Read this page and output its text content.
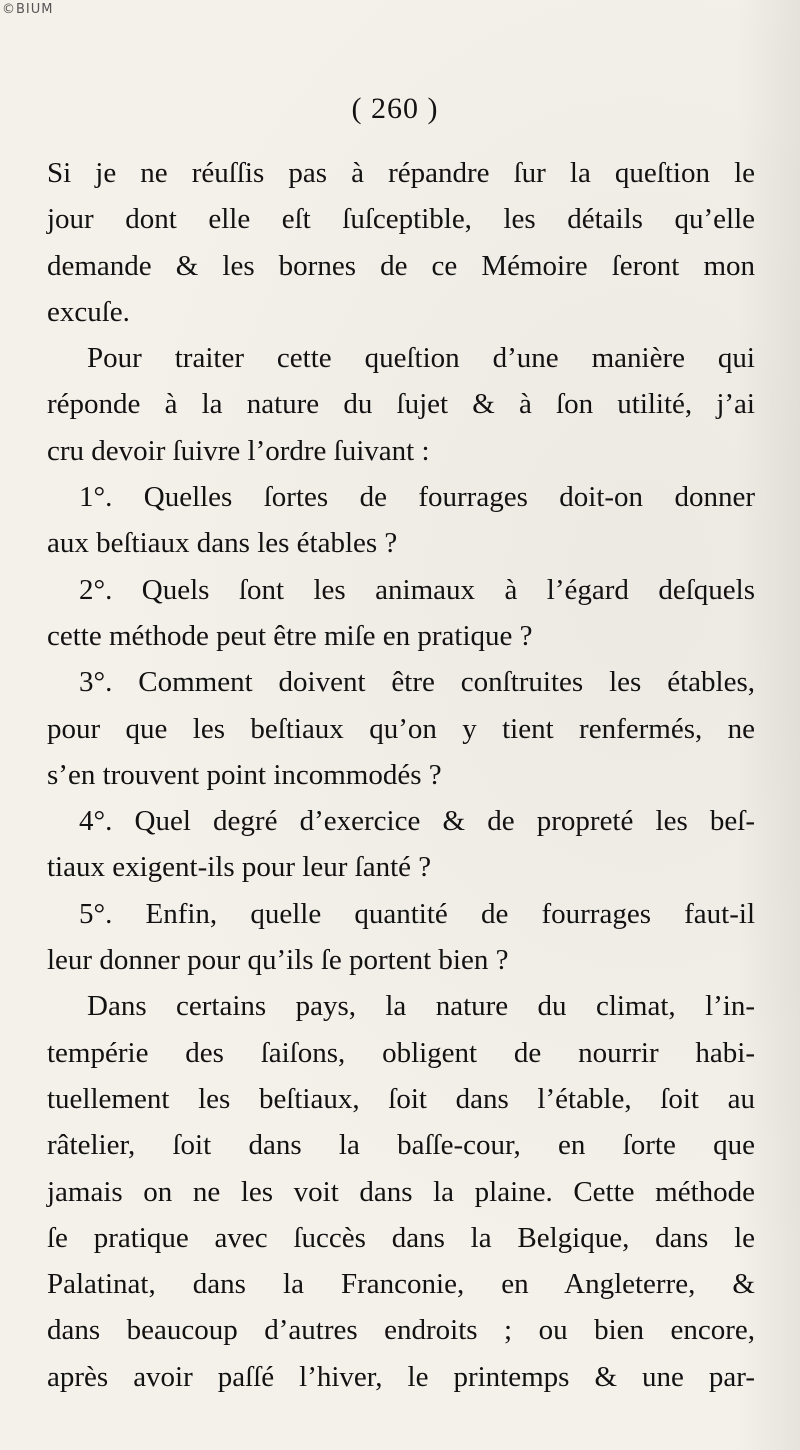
©BIUM
( 260 )
Si je ne réuſſis pas à répandre ſur la queſtion le
jour dont elle eſt ſuſceptible, les détails qu’elle
demande & les bornes de ce Mémoire ſeront mon
excuſe.
Pour traiter cette queſtion d’une manière qui
réponde à la nature du ſujet & à ſon utilité, j’ai
cru devoir ſuivre l’ordre ſuivant :
1°. Quelles ſortes de fourrages doit-on donner
aux beſtiaux dans les étables ?
2°. Quels ſont les animaux à l’égard deſquels
cette méthode peut être miſe en pratique ?
3°. Comment doivent être conſtruites les étables,
pour que les beſtiaux qu’on y tient renfermés, ne
s’en trouvent point incommodés ?
4°. Quel degré d’exercice & de propreté les beſ-
tiaux exigent-ils pour leur ſanté ?
5°. Enfin, quelle quantité de fourrages faut-il
leur donner pour qu’ils ſe portent bien ?
Dans certains pays, la nature du climat, l’in-
tempérie des ſaiſons, obligent de nourrir habi-
tuellement les beſtiaux, ſoit dans l’étable, ſoit au
râtelier, ſoit dans la baſſe-cour, en ſorte que
jamais on ne les voit dans la plaine. Cette méthode
ſe pratique avec ſuccès dans la Belgique, dans le
Palatinat, dans la Franconie, en Angleterre, &
dans beaucoup d’autres endroits ; ou bien encore,
après avoir paſſé l’hiver, le printemps & une par-
